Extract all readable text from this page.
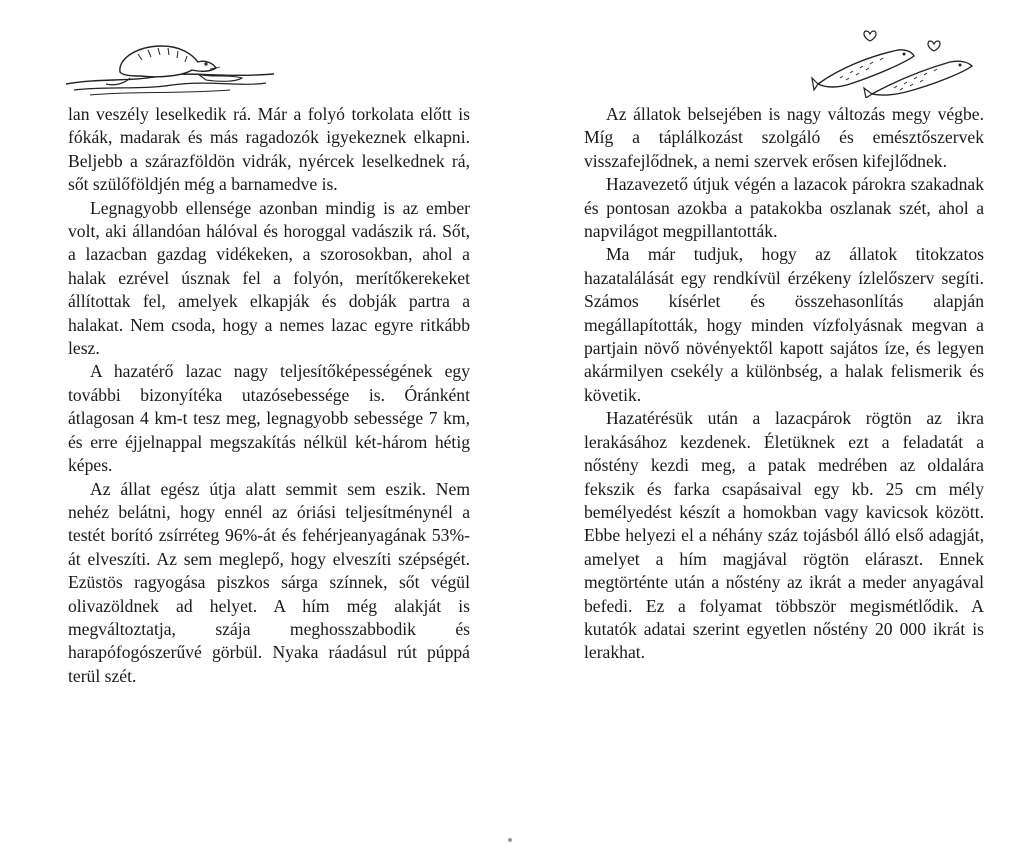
lan veszély leselkedik rá. Már a folyó torkolata előtt is fókák, madarak és más ragadozók igyekeznek elkapni. Beljebb a szárazföldön vidrák, nyércek leselkednek rá, sőt szülőföldjén még a barnamedve is.

Legnagyobb ellensége azonban mindig is az ember volt, aki állandóan hálóval és horoggal vadászik rá. Sőt, a lazacban gazdag vidékeken, a szorosokban, ahol a halak ezrével úsznak fel a folyón, merítőkerekeket állítottak fel, amelyek elkapják és dobják partra a halakat. Nem csoda, hogy a nemes lazac egyre ritkább lesz.

A hazatérő lazac nagy teljesítőképességének egy további bizonyítéka utazósebessége is. Óránként átlagosan 4 km-t tesz meg, legnagyobb sebessége 7 km, és erre éjjelnappal megszakítás nélkül két-három hétig képes.

Az állat egész útja alatt semmit sem eszik. Nem nehéz belátni, hogy ennél az óriási teljesítménynél a testét borító zsírréteg 96%-át és fehérjeanyagának 53%-át elveszíti. Az sem meglepő, hogy elveszíti szépségét. Ezüstös ragyogása piszkos sárga színnek, sőt végül olivazöldnek ad helyet. A hím még alakját is megváltoztatja, szája meghosszabbodik és harapófogószerűvé görbül. Nyaka ráadásul rút púppá terül szét.

Az állatok belsejében is nagy változás megy végbe. Míg a táplálkozást szolgáló és emésztőszervek visszafejlődnek, a nemi szervek erősen kifejlődnek.

Hazavezető útjuk végén a lazacok párokra szakadnak és pontosan azokba a patakokba oszlanak szét, ahol a napvilágot megpillantották.

Ma már tudjuk, hogy az állatok titokzatos hazatalálását egy rendkívül érzékeny ízlelőszerv segíti. Számos kísérlet és összehasonlítás alapján megállapították, hogy minden vízfolyásnak megvan a partjain növő növényektől kapott sajátos íze, és legyen akármilyen csekély a különbség, a halak felismerik és követik.

Hazatérésük után a lazacpárok rögtön az ikra lerakásához kezdenek. Életüknek ezt a feladatát a nőstény kezdi meg, a patak medrében az oldalára fekszik és farka csapásaival egy kb. 25 cm mély bemélyedést készít a homokban vagy kavicsok között. Ebbe helyezi el a néhány száz tojásból álló első adagját, amelyet a hím magjával rögtön eláraszt. Ennek megtörténte után a nőstény az ikrát a meder anyagával befedi. Ez a folyamat többször megismétlődik. A kutatók adatai szerint egyetlen nőstény 20 000 ikrát is lerakhat.
